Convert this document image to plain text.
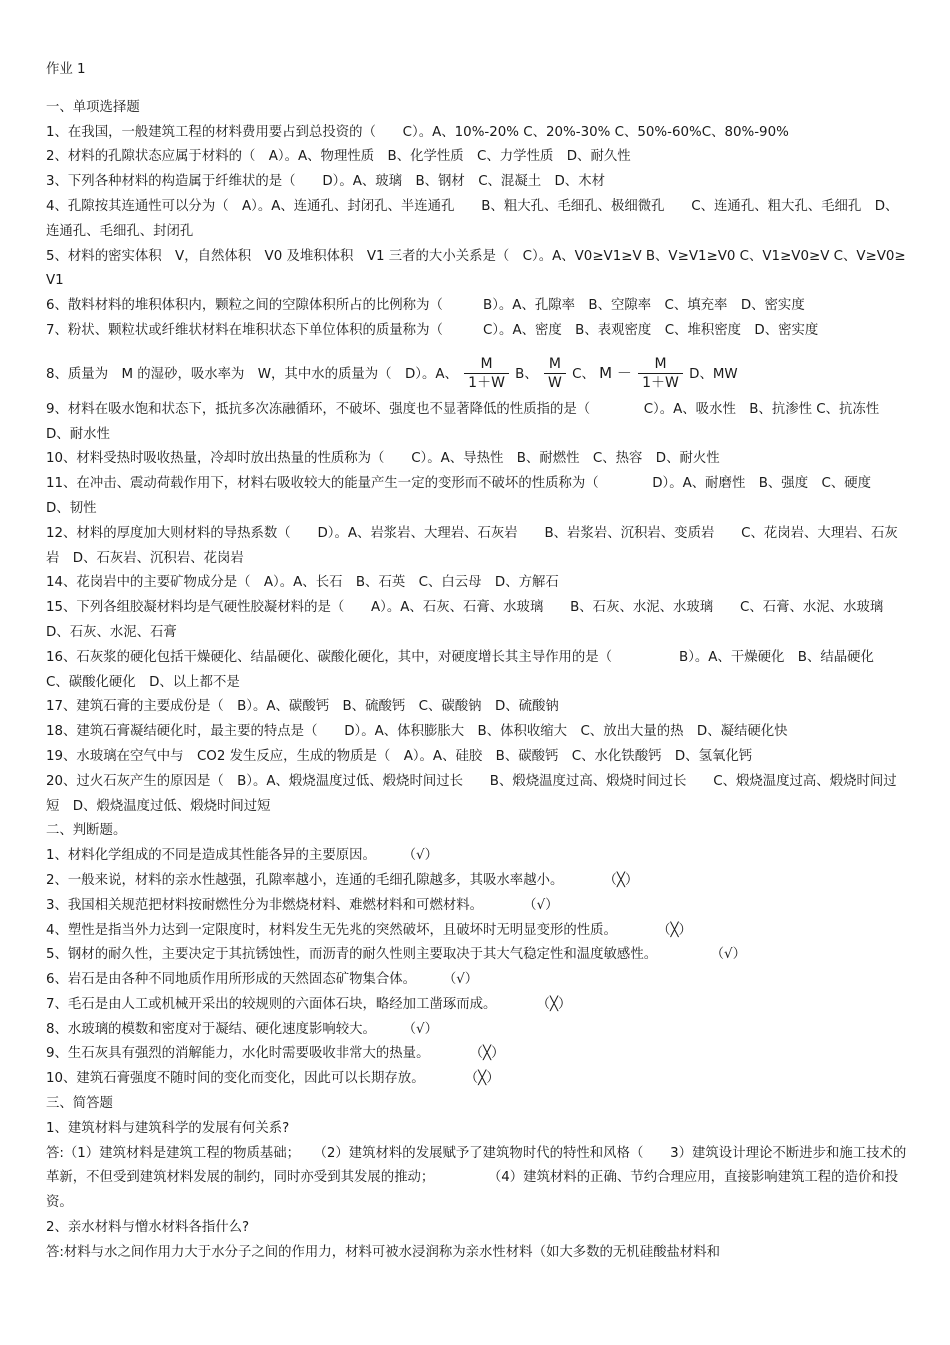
作业 1

一、单项选择题

1、在我国，一般建筑工程的材料费用要占到总投资的（　　C）。A、10%-20% C、20%-30% C、50%-60%C、80%-90%

2、材料的孔隙状态应属于材料的（　A）。A、物理性质　B、化学性质　C、力学性质　D、耐久性

3、下列各种材料的构造属于纤维状的是（　　D）。A、玻璃　B、钢材　C、混凝土　D、木材

4、孔隙按其连通性可以分为（　A）。A、连通孔、封闭孔、半连通孔　　B、粗大孔、毛细孔、极细微孔　　C、连通孔、粗大孔、毛细孔　D、连通孔、毛细孔、封闭孔

5、材料的密实体积　V，自然体积　V0 及堆积体积　V1 三者的大小关系是（　C）。A、V0≥V1≥V B、V≥V1≥V0 C、V1≥V0≥V C、V≥V0≥V1

6、散料材料的堆积体积内，颗粒之间的空隙体积所占的比例称为（　　　B）。A、孔隙率　B、空隙率　C、填充率　D、密实度

7、粉状、颗粒状或纤维状材料在堆积状态下单位体积的质量称为（　　　C）。A、密度　B、表观密度　C、堆积密度　D、密实度

8、质量为　M 的湿砂，吸水率为　W，其中水的质量为（　D）。A、 $\frac{M}{1+W}$ B、 $\frac{M}{W}$ C、 $M - \frac{M}{1+W}$ D、MW

9、材料在吸水饱和状态下，抵抗多次冻融循环，不破坏、强度也不显著降低的性质指的是（　　　　C）。A、吸水性　B、抗渗性 C、抗冻性　D、耐水性

10、材料受热时吸收热量，冷却时放出热量的性质称为（　　C）。A、导热性　B、耐燃性　C、热容　D、耐火性

11、在冲击、震动荷载作用下，材料右吸收较大的能量产生一定的变形而不破坏的性质称为（　　　　D）。A、耐磨性　B、强度　C、硬度　D、韧性

12、材料的厚度加大则材料的导热系数（　　D）。A、岩浆岩、大理岩、石灰岩　　B、岩浆岩、沉积岩、变质岩　　C、花岗岩、大理岩、石灰岩　D、石灰岩、沉积岩、花岗岩

14、花岗岩中的主要矿物成分是（　A）。A、长石　B、石英　C、白云母　D、方解石

15、下列各组胶凝材料均是气硬性胶凝材料的是（　　A）。A、石灰、石膏、水玻璃　　B、石灰、水泥、水玻璃　　C、石膏、水泥、水玻璃　D、石灰、水泥、石膏

16、石灰浆的硬化包括干燥硬化、结晶硬化、碳酸化硬化，其中，对硬度增长其主导作用的是（　　　　　B）。A、干燥硬化　B、结晶硬化　C、碳酸化硬化　D、以上都不是

17、建筑石膏的主要成份是（　B）。A、碳酸钙　B、硫酸钙　C、碳酸钠　D、硫酸钠

18、建筑石膏凝结硬化时，最主要的特点是（　　D）。A、体积膨胀大　B、体积收缩大　C、放出大量的热　D、凝结硬化快

19、水玻璃在空气中与　CO2 发生反应，生成的物质是（　A）。A、硅胶　B、碳酸钙　C、水化铁酸钙　D、氢氧化钙

20、过火石灰产生的原因是（　B）。A、煅烧温度过低、煅烧时间过长　　B、煅烧温度过高、煅烧时间过长　　C、煅烧温度过高、煅烧时间过短　D、煅烧温度过低、煅烧时间过短

二、判断题。

1、材料化学组成的不同是造成其性能各异的主要原因。　　　（√）

2、一般来说，材料的亲水性越强，孔隙率越小，连通的毛细孔隙越多，其吸水率越小。　　　　（╳）

3、我国相关规范把材料按耐燃性分为非燃烧材料、难燃材料和可燃材料。　　　　（√）

4、塑性是指当外力达到一定限度时，材料发生无先兆的突然破坏，且破坏时无明显变形的性质。　　　　（╳）

5、钢材的耐久性，主要决定于其抗锈蚀性，而沥青的耐久性则主要取决于其大气稳定性和温度敏感性。　　　　　（√）

6、岩石是由各种不同地质作用所形成的天然固态矿物集合体。　　　（√）

7、毛石是由人工或机械开采出的较规则的六面体石块，略经加工凿琢而成。　　　　（╳）

8、水玻璃的模数和密度对于凝结、硬化速度影响较大。　　　（√）

9、生石灰具有强烈的消解能力，水化时需要吸收非常大的热量。　　　　（╳）

10、建筑石膏强度不随时间的变化而变化，因此可以长期存放。　　　　（╳）

三、简答题

1、建筑材料与建筑科学的发展有何关系?

答:（1）建筑材料是建筑工程的物质基础；　　（2）建筑材料的发展赋予了建筑物时代的特性和风格（　　3）建筑设计理论不断进步和施工技术的革新，不但受到建筑材料发展的制约，同时亦受到其发展的推动；　　　　　（4）建筑材料的正确、节约合理应用，直接影响建筑工程的造价和投资。

2、亲水材料与憎水材料各指什么?

答:材料与水之间作用力大于水分子之间的作用力，材料可被水浸润称为亲水性材料（如大多数的无机硅酸盐材料和
